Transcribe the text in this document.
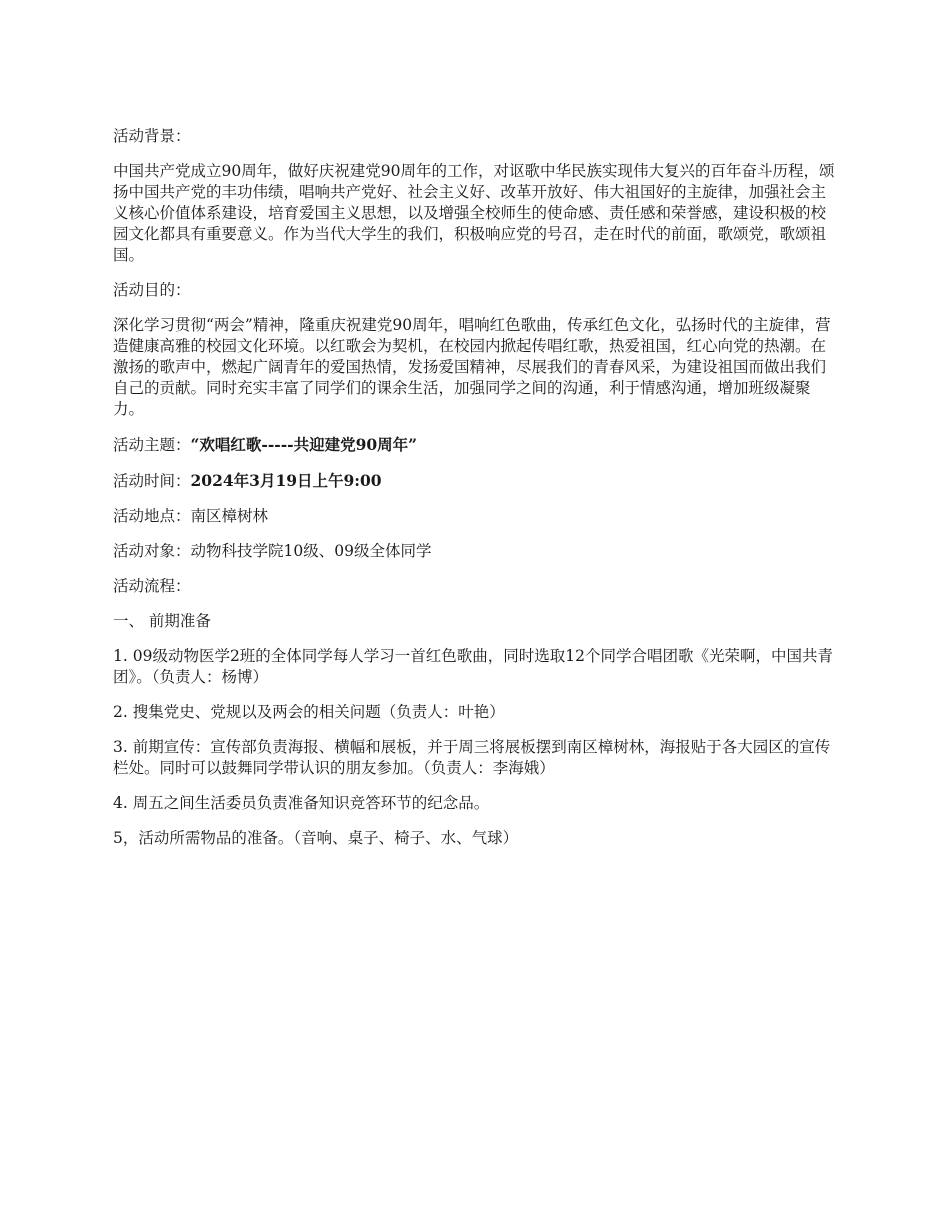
活动背景：

中国共产党成立90周年，做好庆祝建党90周年的工作，对讴歌中华民族实现伟大复兴的百年奋斗历程，颂扬中国共产党的丰功伟绩，唱响共产党好、社会主义好、改革开放好、伟大祖国好的主旋律，加强社会主义核心价值体系建设，培育爱国主义思想，以及增强全校师生的使命感、责任感和荣誉感，建设积极的校园文化都具有重要意义。作为当代大学生的我们，积极响应党的号召，走在时代的前面，歌颂党，歌颂祖国。

活动目的：

深化学习贯彻“两会”精神，隆重庆祝建党90周年，唱响红色歌曲，传承红色文化，弘扬时代的主旋律，营造健康高雅的校园文化环境。以红歌会为契机，在校园内掀起传唱红歌，热爱祖国，红心向党的热潮。在激扬的歌声中，燃起广阔青年的爱国热情，发扬爱国精神，尽展我们的青春风采，为建设祖国而做出我们自己的贡献。同时充实丰富了同学们的课余生活，加强同学之间的沟通，利于情感沟通，增加班级凝聚力。

活动主题：“欢唱红歌-----共迎建党90周年”

活动时间：2024年3月19日上午9:00

活动地点：南区樟树林

活动对象：动物科技学院10级、09级全体同学

活动流程：

一、 前期准备

1. 09级动物医学2班的全体同学每人学习一首红色歌曲，同时选取12个同学合唱团歌《光荣啊，中国共青团》。（负责人：杨博）

2. 搜集党史、党规以及两会的相关问题（负责人：叶艳）

3. 前期宣传：宣传部负责海报、横幅和展板，并于周三将展板摆到南区樟树林，海报贴于各大园区的宣传栏处。同时可以鼓舞同学带认识的朋友参加。（负责人：李海娥）

4. 周五之间生活委员负责准备知识竞答环节的纪念品。

5，活动所需物品的准备。（音响、桌子、椅子、水、气球）
